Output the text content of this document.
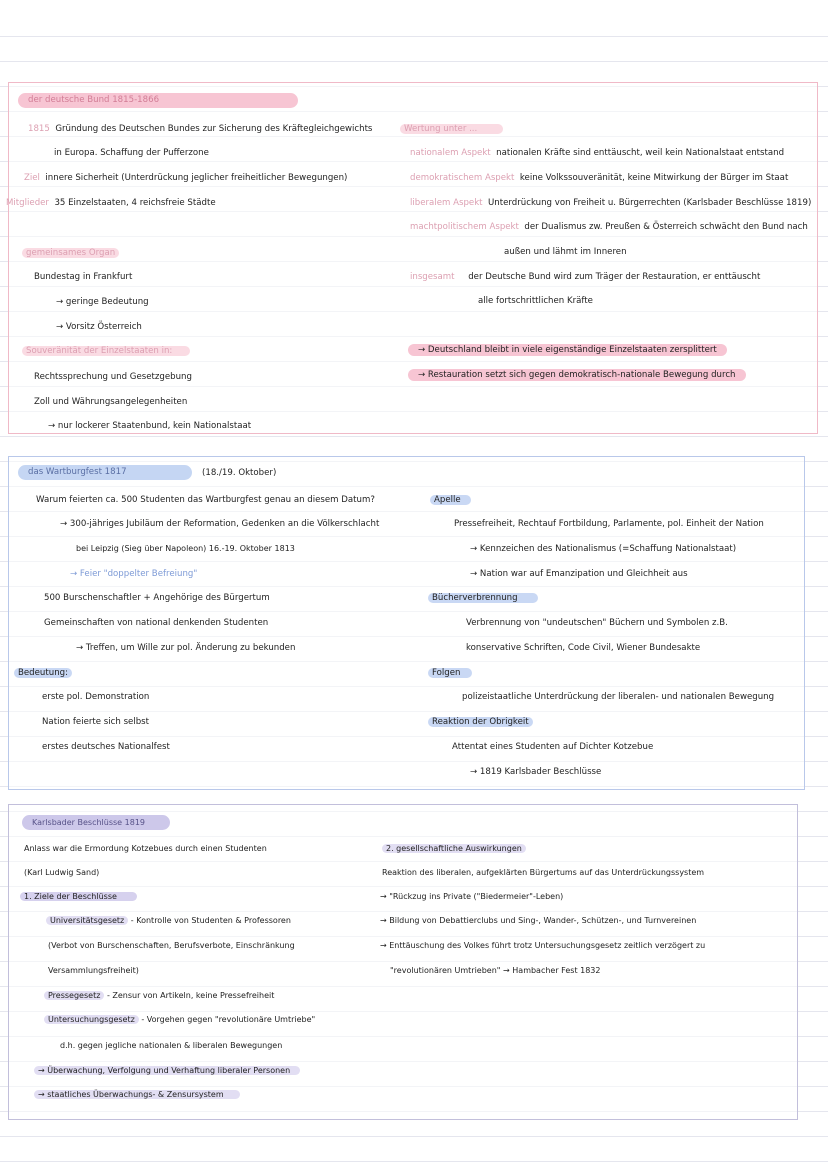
der deutsche Bund 1815-1866
1815 Gründung des Deutschen Bundes zur Sicherung des Kräftegleichgewichts
in Europa. Schaffung der Pufferzone
Ziel innere Sicherheit (Unterdrückung jeglicher freiheitlicher Bewegungen)
Mitglieder 35 Einzelstaaten, 4 reichsfreie Städte
gemeinsames Organ
Bundestag in Frankfurt
→ geringe Bedeutung
→ Vorsitz Österreich
Souveränität der Einzelstaaten in:
Rechtssprechung und Gesetzgebung
Zoll und Währungsangelegenheiten
→ nur lockerer Staatenbund, kein Nationalstaat
Wertung unter ...
nationalem Aspekt nationalen Kräfte sind enttäuscht, weil kein Nationalstaat entstand
demokratischem Aspekt keine Volkssouveränität, keine Mitwirkung der Bürger im Staat
liberalem Aspekt Unterdrückung von Freiheit u. Bürgerrechten (Karlsbader Beschlüsse 1819)
machtpolitischem Aspekt der Dualismus zw. Preußen & Österreich schwächt den Bund nach
außen und lähmt im Inneren
insgesamt der Deutsche Bund wird zum Träger der Restauration, er enttäuscht
alle fortschrittlichen Kräfte
→ Deutschland bleibt in viele eigenständige Einzelstaaten zersplittert
→ Restauration setzt sich gegen demokratisch-nationale Bewegung durch
das Wartburgfest 1817	(18./19. Oktober)
Warum feierten ca. 500 Studenten das Wartburgfest genau an diesem Datum?
→ 300-jähriges Jubiläum der Reformation, Gedenken an die Völkerschlacht
bei Leipzig (Sieg über Napoleon) 16.-19. Oktober 1813
→ Feier "doppelter Befreiung"
500 Burschenschaftler + Angehörige des Bürgertum
Gemeinschaften von national denkenden Studenten
→ Treffen, um Wille zur pol. Änderung zu bekunden
Bedeutung:
erste pol. Demonstration
Nation feierte sich selbst
erstes deutsches Nationalfest
Apelle
Pressefreiheit, Rechtauf Fortbildung, Parlamente, pol. Einheit der Nation
→ Kennzeichen des Nationalismus (=Schaffung Nationalstaat)
→ Nation war auf Emanzipation und Gleichheit aus
Bücherverbrennung
Verbrennung von "undeutschen" Büchern und Symbolen z.B.
konservative Schriften, Code Civil, Wiener Bundesakte
Folgen
polizeistaatliche Unterdrückung der liberalen- und nationalen Bewegung
Reaktion der Obrigkeit
Attentat eines Studenten auf Dichter Kotzebue
→ 1819 Karlsbader Beschlüsse
Karlsbader Beschlüsse 1819
Anlass war die Ermordung Kotzebues durch einen Studenten
(Karl Ludwig Sand)
1. Ziele der Beschlüsse
Universitätsgesetz - Kontrolle von Studenten & Professoren
(Verbot von Burschenschaften, Berufsverbote, Einschränkung
Versammlungsfreiheit)
Pressegesetz - Zensur von Artikeln, keine Pressefreiheit
Untersuchungsgesetz - Vorgehen gegen "revolutionäre Umtriebe"
d.h. gegen jegliche nationalen & liberalen Bewegungen
→ Überwachung, Verfolgung und Verhaftung liberaler Personen
→ staatliches Überwachungs- & Zensursystem
2. gesellschaftliche Auswirkungen
Reaktion des liberalen, aufgeklärten Bürgertums auf das Unterdrückungssystem
→ "Rückzug ins Private ("Biedermeier"-Leben)
→ Bildung von Debattierclubs und Sing-, Wander-, Schützen-, und Turnvereinen
→ Enttäuschung des Volkes führt trotz Untersuchungsgesetz zeitlich verzögert zu
"revolutionären Umtrieben" → Hambacher Fest 1832
